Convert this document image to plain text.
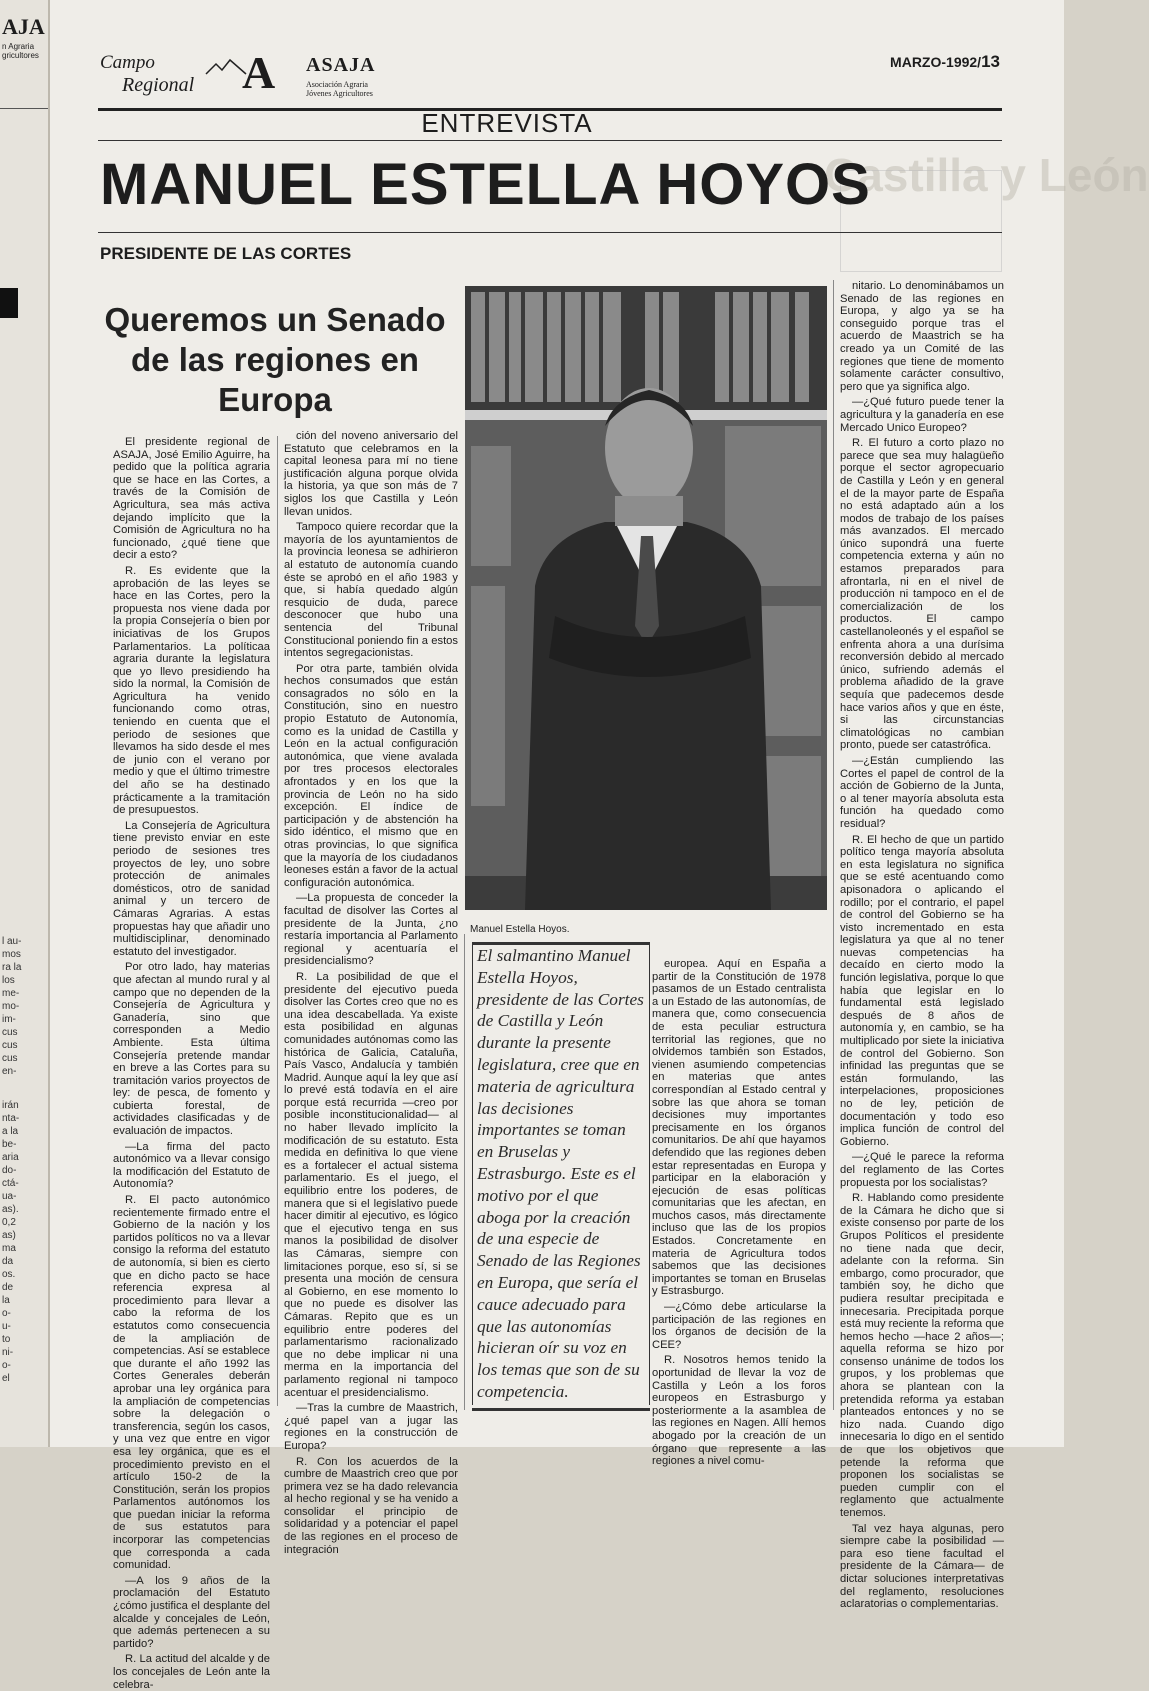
AJA
n Agraria
gricultores
l au-
mos
ra la
los
me-
mo-
im-
cus
cus
cus
en-
irán
nta-
a la
be-
aria
do-
ctá-
ua-
as).
0,2
as)
ma
da
os.
de
la
o-
u-
to
ni-
o-
el
Castilla y León
Campo
Regional A ASAJA
Asociación Agraria
Jóvenes Agricultores
MARZO-1992/13
ENTREVISTA
MANUEL ESTELLA HOYOS
PRESIDENTE DE LAS CORTES
Queremos un Senado de las regiones en Europa

El presidente regional de ASAJA, José Emilio Aguirre, ha pedido que la política agraria que se hace en las Cortes, a través de la Comisión de Agricultura, sea más activa dejando implícito que la Comisión de Agricultura no ha funcionado, ¿qué tiene que decir a esto?

R. Es evidente que la aprobación de las leyes se hace en las Cortes, pero la propuesta nos viene dada por la propia Consejería o bien por iniciativas de los Grupos Parlamentarios. La políticaa agraria durante la legislatura que yo llevo presidiendo ha sido la normal, la Comisión de Agricultura ha venido funcionando como otras, teniendo en cuenta que el periodo de sesiones que llevamos ha sido desde el mes de junio con el verano por medio y que el último trimestre del año se ha destinado prácticamente a la tramitación de presupuestos.

La Consejería de Agricultura tiene previsto enviar en este periodo de sesiones tres proyectos de ley, uno sobre protección de animales domésticos, otro de sanidad animal y un tercero de Cámaras Agrarias. A estas propuestas hay que añadir uno multidisciplinar, denominado estatuto del investigador.

Por otro lado, hay materias que afectan al mundo rural y al campo que no dependen de la Consejería de Agricultura y Ganadería, sino que corresponden a Medio Ambiente. Esta última Consejería pretende mandar en breve a las Cortes para su tramitación varios proyectos de ley: de pesca, de fomento y cubierta forestal, de actividades clasificadas y de evaluación de impactos.

—La firma del pacto autonómico va a llevar consigo la modificación del Estatuto de Autonomía?

R. El pacto autonómico recientemente firmado entre el Gobierno de la nación y los partidos políticos no va a llevar consigo la reforma del estatuto de autonomía, si bien es cierto que en dicho pacto se hace referencia expresa al procedimiento para llevar a cabo la reforma de los estatutos como consecuencia de la ampliación de competencias. Así se establece que durante el año 1992 las Cortes Generales deberán aprobar una ley orgánica para la ampliación de competencias sobre la delegación o transferencia, según los casos, y una vez que entre en vigor esa ley orgánica, que es el procedimiento previsto en el artículo 150-2 de la Constitución, serán los propios Parlamentos autónomos los que puedan iniciar la reforma de sus estatutos para incorporar las competencias que corresponda a cada comunidad.

—A los 9 años de la proclamación del Estatuto ¿cómo justifica el desplante del alcalde y concejales de León, que además pertenecen a su partido?

R. La actitud del alcalde y de los concejales de León ante la celebra-

ción del noveno aniversario del Estatuto que celebramos en la capital leonesa para mí no tiene justificación alguna porque olvida la historia, ya que son más de 7 siglos los que Castilla y León llevan unidos.

Tampoco quiere recordar que la mayoría de los ayuntamientos de la provincia leonesa se adhirieron al estatuto de autonomía cuando éste se aprobó en el año 1983 y que, si había quedado algún resquicio de duda, parece desconocer que hubo una sentencia del Tribunal Constitucional poniendo fin a estos intentos segregacionistas.

Por otra parte, también olvida hechos consumados que están consagrados no sólo en la Constitución, sino en nuestro propio Estatuto de Autonomía, como es la unidad de Castilla y León en la actual configuración autonómica, que viene avalada por tres procesos electorales afrontados y en los que la provincia de León no ha sido excepción. El índice de participación y de abstención ha sido idéntico, el mismo que en otras provincias, lo que significa que la mayoría de los ciudadanos leoneses están a favor de la actual configuración autonómica.

—La propuesta de conceder la facultad de disolver las Cortes al presidente de la Junta, ¿no restaría importancia al Parlamento regional y acentuaría el presidencialismo?

R. La posibilidad de que el presidente del ejecutivo pueda disolver las Cortes creo que no es una idea descabellada. Ya existe esta posibilidad en algunas comunidades autónomas como las histórica de Galicia, Cataluña, País Vasco, Andalucía y también Madrid. Aunque aquí la ley que así lo prevé está todavía en el aire porque está recurrida —creo por posible inconstitucionalidad— al no haber llevado implícito la modificación de su estatuto. Esta medida en definitiva lo que viene es a fortalecer el actual sistema parlamentario. Es el juego, el equilibrio entre los poderes, de manera que si el legislativo puede hacer dimitir al ejecutivo, es lógico que el ejecutivo tenga en sus manos la posibilidad de disolver las Cámaras, siempre con limitaciones porque, eso sí, si se presenta una moción de censura al Gobierno, en ese momento lo que no puede es disolver las Cámaras. Repito que es un equilibrio entre poderes del parlamentarismo racionalizado que no debe implicar ni una merma en la importancia del parlamento regional ni tampoco acentuar el presidencialismo.

—Tras la cumbre de Maastrich, ¿qué papel van a jugar las regiones en la construcción de Europa?

R. Con los acuerdos de la cumbre de Maastrich creo que por primera vez se ha dado relevancia al hecho regional y se ha venido a consolidar el principio de solidaridad y a potenciar el papel de las regiones en el proceso de integración

Manuel Estella Hoyos.
El salmantino Manuel Estella Hoyos, presidente de las Cortes de Castilla y León durante la presente legislatura, cree que en materia de agricultura las decisiones importantes se toman en Bruselas y Estrasburgo. Este es el motivo por el que aboga por la creación de una especie de Senado de las Regiones en Europa, que sería el cauce adecuado para que las autonomías hicieran oír su voz en los temas que son de su competencia.

europea. Aquí en España a partir de la Constitución de 1978 pasamos de un Estado centralista a un Estado de las autonomías, de manera que, como consecuencia de esta peculiar estructura territorial las regiones, que no olvidemos también son Estados, vienen asumiendo competencias en materias que antes correspondían al Estado central y sobre las que ahora se toman decisiones muy importantes precisamente en los órganos comunitarios. De ahí que hayamos defendido que las regiones deben estar representadas en Europa y participar en la elaboración y ejecución de esas políticas comunitarias que les afectan, en muchos casos, más directamente incluso que las de los propios Estados. Concretamente en materia de Agricultura todos sabemos que las decisiones importantes se toman en Bruselas y Estrasburgo.

—¿Cómo debe articularse la participación de las regiones en los órganos de decisión de la CEE?

R. Nosotros hemos tenido la oportunidad de llevar la voz de Castilla y León a los foros europeos en Estrasburgo y posteriormente a la asamblea de las regiones en Nagen. Allí hemos abogado por la creación de un órgano que represente a las regiones a nivel comu-

nitario. Lo denominábamos un Senado de las regiones en Europa, y algo ya se ha conseguido porque tras el acuerdo de Maastrich se ha creado ya un Comité de las regiones que tiene de momento solamente carácter consultivo, pero que ya significa algo.

—¿Qué futuro puede tener la agricultura y la ganadería en ese Mercado Unico Europeo?

R. El futuro a corto plazo no parece que sea muy halagüeño porque el sector agropecuario de Castilla y León y en general el de la mayor parte de España no está adaptado aún a los modos de trabajo de los países más avanzados. El mercado único supondrá una fuerte competencia externa y aún no estamos preparados para afrontarla, ni en el nivel de producción ni tampoco en el de comercialización de los productos. El campo castellanoleonés y el español se enfrenta ahora a una durísima reconversión debido al mercado único, sufriendo además el problema añadido de la grave sequía que padecemos desde hace varios años y que en éste, si las circunstancias climatológicas no cambian pronto, puede ser catastrófica.

—¿Están cumpliendo las Cortes el papel de control de la acción de Gobierno de la Junta, o al tener mayoría absoluta esta función ha quedado como residual?

R. El hecho de que un partido político tenga mayoría absoluta en esta legislatura no significa que se esté acentuando como apisonadora o aplicando el rodillo; por el contrario, el papel de control del Gobierno se ha visto incrementado en esta legislatura ya que al no tener nuevas competencias ha decaído en cierto modo la función legislativa, porque lo que había que legislar en lo fundamental está legislado después de 8 años de autonomía y, en cambio, se ha multiplicado por siete la iniciativa de control del Gobierno. Son infinidad las preguntas que se están formulando, las interpelaciones, proposiciones no de ley, petición de documentación y todo eso implica función de control del Gobierno.

—¿Qué le parece la reforma del reglamento de las Cortes propuesta por los socialistas?

R. Hablando como presidente de la Cámara he dicho que si existe consenso por parte de los Grupos Políticos el presidente no tiene nada que decir, adelante con la reforma. Sin embargo, como procurador, que también soy, he dicho que pudiera resultar precipitada e innecesaria. Precipitada porque está muy reciente la reforma que hemos hecho —hace 2 años—; aquella reforma se hizo por consenso unánime de todos los grupos, y los problemas que ahora se plantean con la pretendida reforma ya estaban planteados entonces y no se hizo nada. Cuando digo innecesaria lo digo en el sentido de que los objetivos que petende la reforma que proponen los socialistas se pueden cumplir con el reglamento que actualmente tenemos.

Tal vez haya algunas, pero siempre cabe la posibilidad —para eso tiene facultad el presidente de la Cámara— de dictar soluciones interpretativas del reglamento, resoluciones aclaratorias o complementarias.
